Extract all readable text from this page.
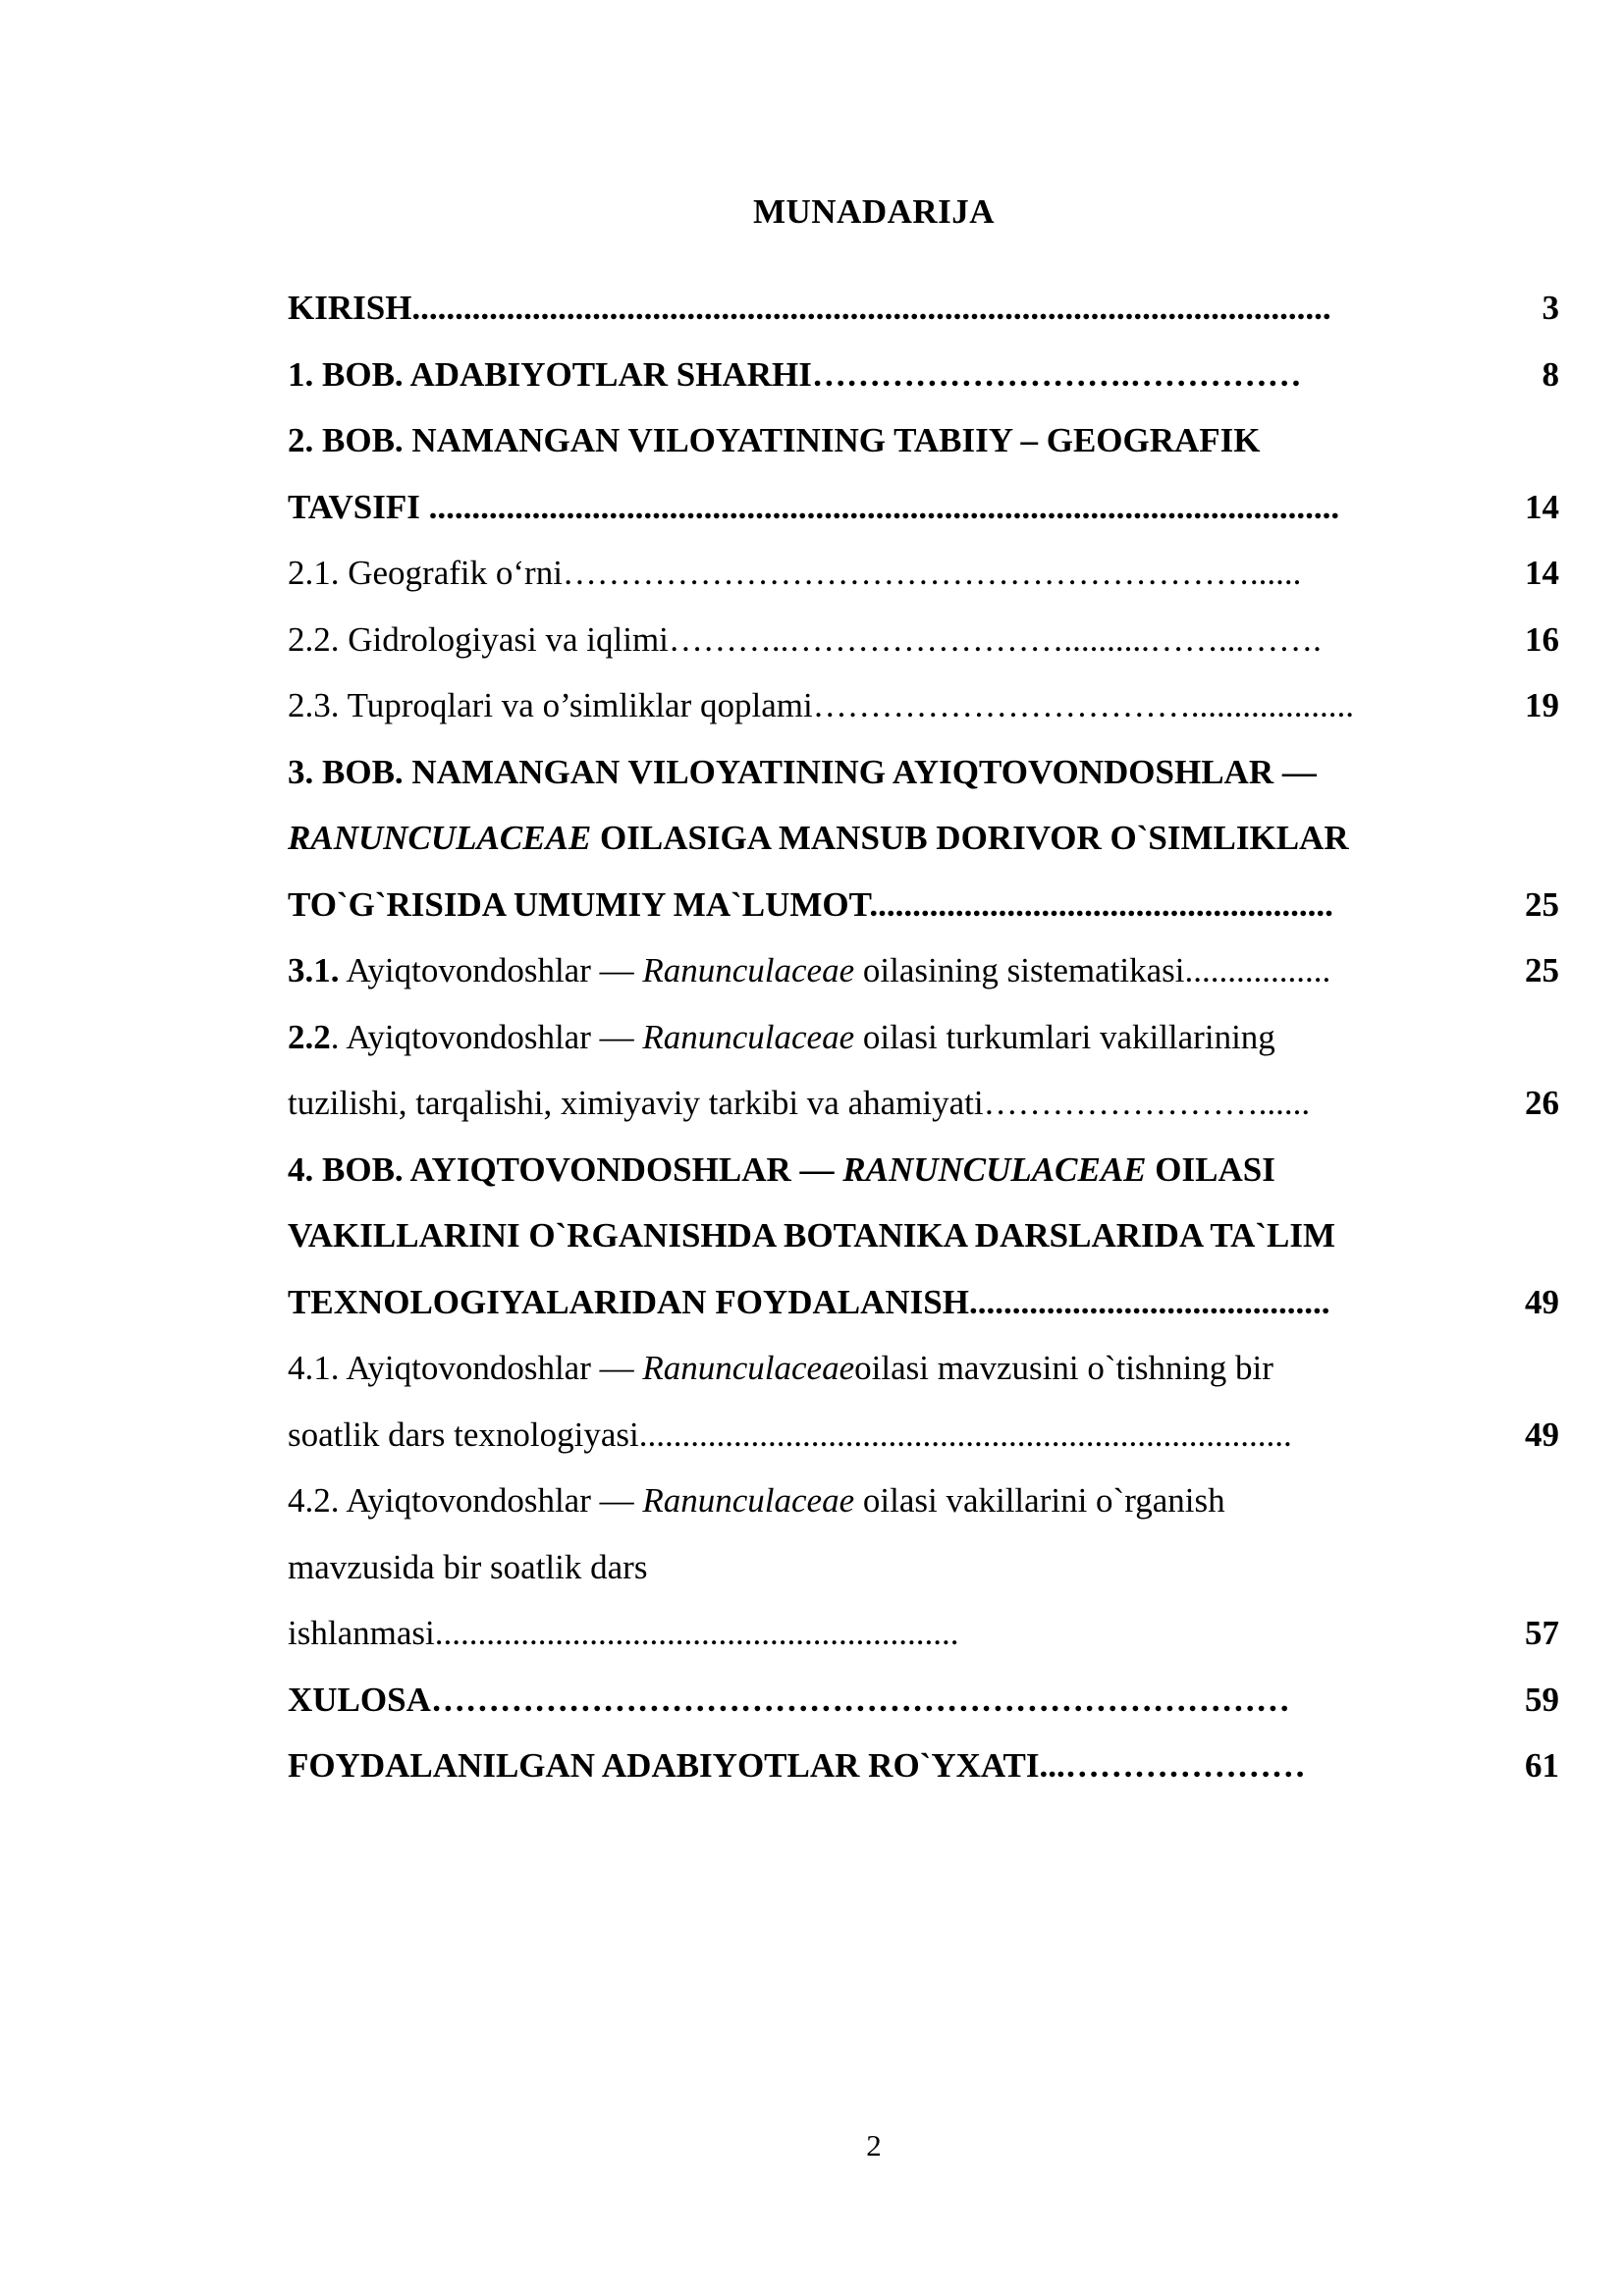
MUNADARIJA
KIRISH...........................................................................................................	3
1. BOB. ADABIYOTLAR SHARHI……………………….……………	8
2. BOB. NAMANGAN VILOYATINING TABIIY – GEOGRAFIK
TAVSIFI ..........................................................................................................	14
2.1. Geografik o‘rni……………………………………………………......	14
2.2. Gidrologiyasi va iqlimi………..……………………..........……...…….	16
2.3. Tuproqlari va o’simliklar qoplami……………………………...................	19
3. BOB. NAMANGAN VILOYATINING AYIQTOVONDOSHLAR —
RANUNCULACEAE OILASIGA MANSUB DORIVOR O`SIMLIKLAR
TO`G`RISIDA UMUMIY MA`LUMOT......................................................	25
3.1. Ayiqtovondoshlar — Ranunculaceae oilasining sistematikasi.................	25
2.2. Ayiqtovondoshlar — Ranunculaceae oilasi turkumlari vakillarining
tuzilishi, tarqalishi, ximiyaviy tarkibi va ahamiyati……………………......	26
4. BOB. AYIQTOVONDOSHLAR — RANUNCULACEAE OILASI
VAKILLARINI O`RGANISHDA BOTANIKA DARSLARIDA TA`LIM
TEXNOLOGIYALARIDAN FOYDALANISH..........................................	49
4.1. Ayiqtovondoshlar — Ranunculaceaeoilasi mavzusini o`tishning bir
soatlik dars texnologiyasi............................................................................	49
4.2. Ayiqtovondoshlar — Ranunculaceae oilasi vakillarini o`rganish
mavzusida bir soatlik dars
ishlanmasi.............................................................	57
XULOSA…………………………………………………………………	59
FOYDALANILGAN ADABIYOTLAR RO`YXATI...…………………	61
2
